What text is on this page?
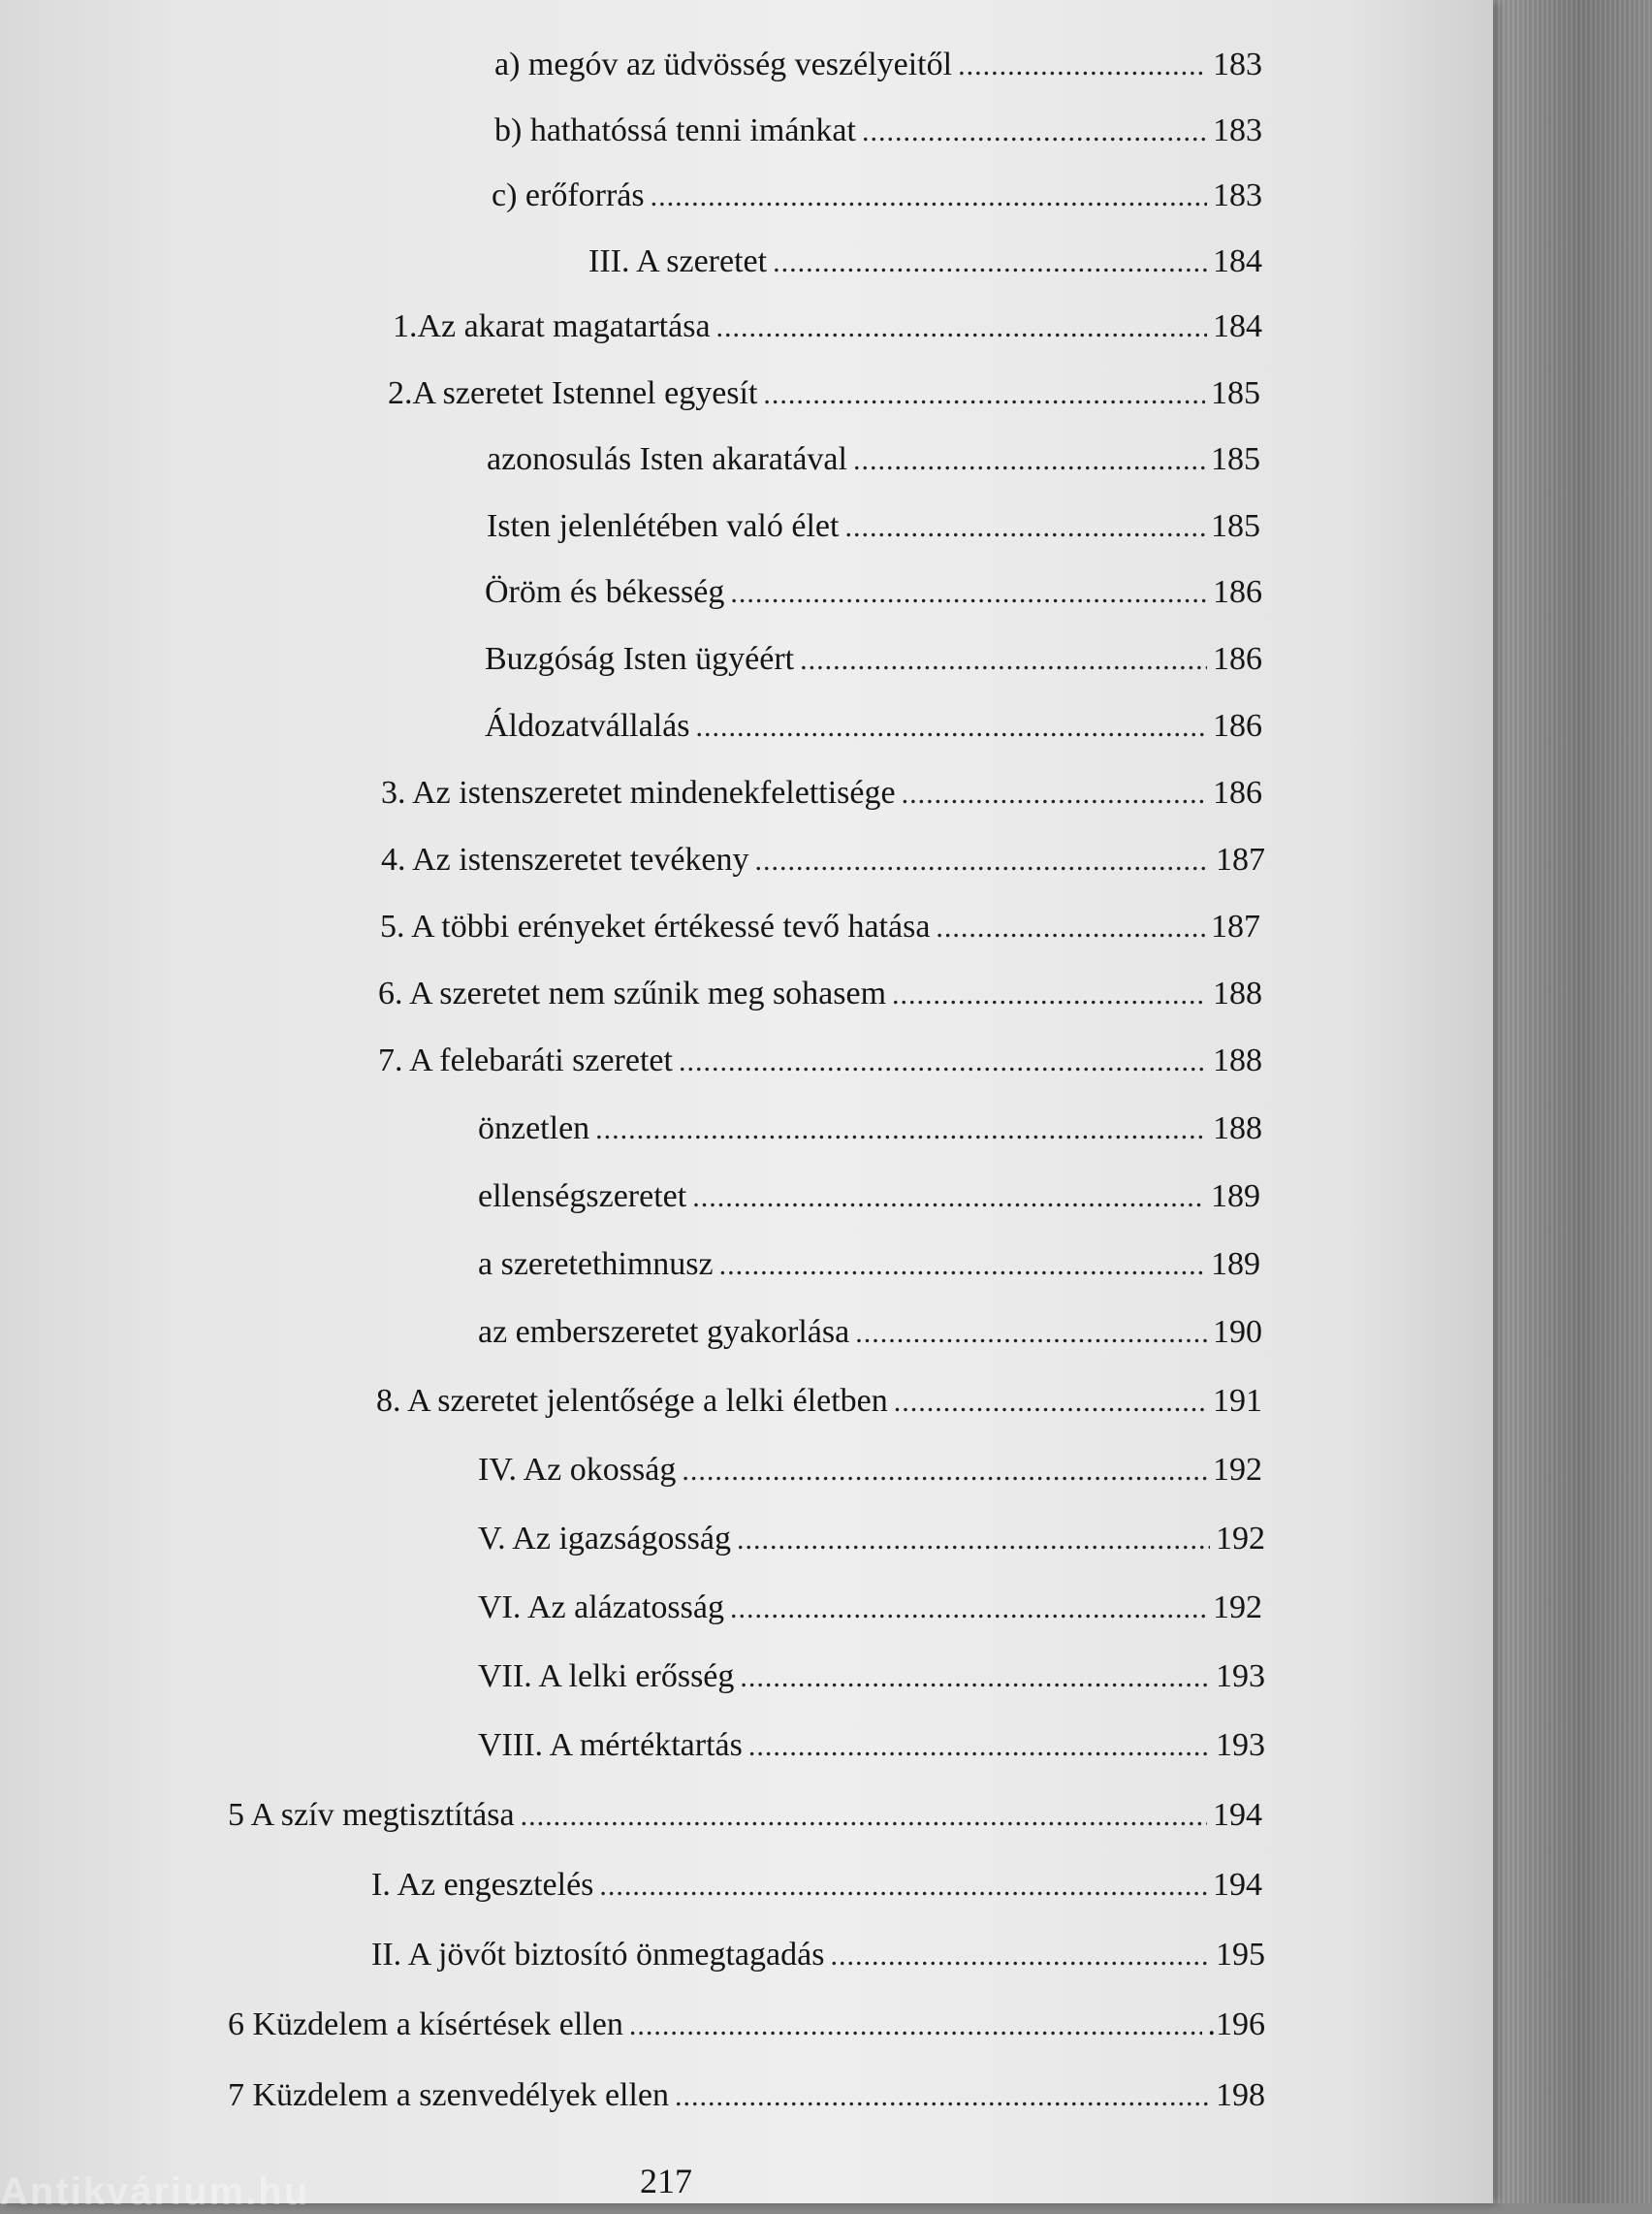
a) megóv az üdvösség veszélyeitől .....	183
b) hathatóssá tenni imánkat .....	183
c) erőforrás .....	183
III. A szeretet .....	184
1.Az akarat magatartása .....	184
2.A szeretet Istennel egyesít .....	185
azonosulás Isten akaratával .....	185
Isten jelenlétében való élet .....	185
Öröm és békesség .....	186
Buzgóság Isten ügyéért .....	186
Áldozatvállalás .....	186
3. Az istenszeretet mindenekfelettisége .....	186
4. Az istenszeretet tevékeny .....	187
5. A többi erényeket értékessé tevő hatása .....	187
6. A szeretet nem szűnik meg sohasem .....	188
7. A felebaráti szeretet .....	188
önzetlen .....	188
ellenségszeretet .....	189
a szeretethimnusz .....	189
az emberszeretet gyakorlása .....	190
8. A szeretet jelentősége a lelki életben .....	191
IV. Az okosság .....	192
V. Az igazságosság .....	192
VI. Az alázatosság .....	192
VII. A lelki erősség .....	193
VIII. A mértéktartás .....	193
5 A szív megtisztítása .....	194
I. Az engesztelés .....	194
II. A jövőt biztosító önmegtagadás .....	195
6 Küzdelem a kísértések ellen .....	.196
7 Küzdelem a szenvedélyek ellen .....	198
217
Antikvárium.hu
